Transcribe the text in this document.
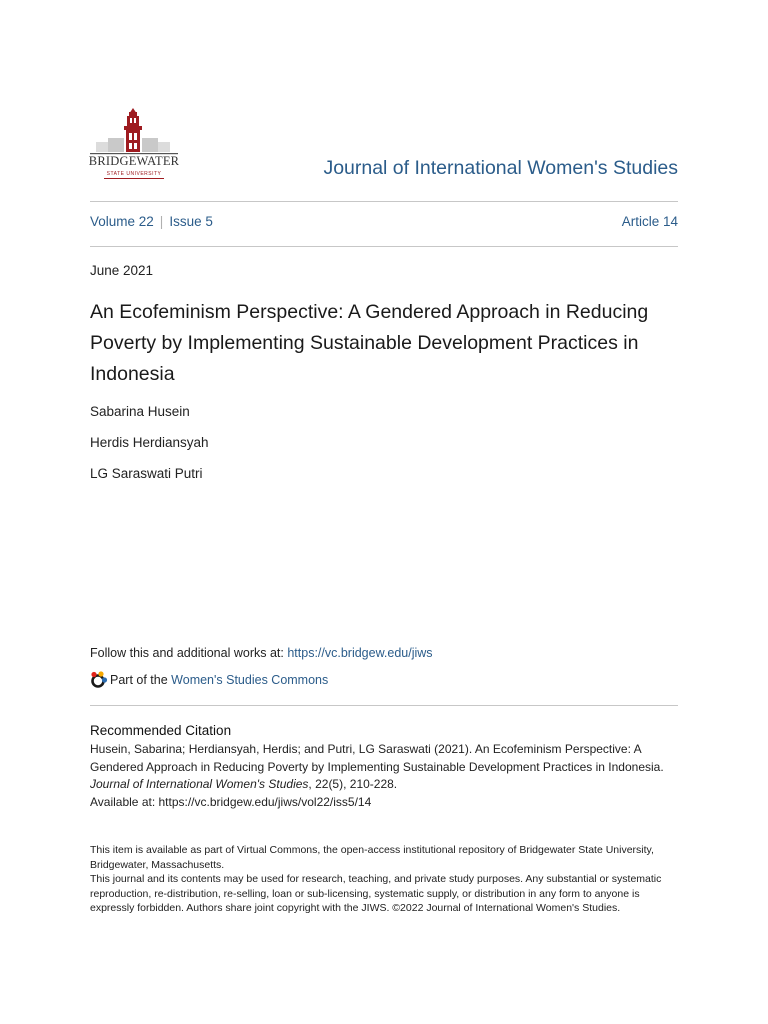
BRIDGEWATER
STATE UNIVERSITY	Journal of International Women's Studies
Volume 22 | Issue 5	Article 14
June 2021
An Ecofeminism Perspective: A Gendered Approach in Reducing Poverty by Implementing Sustainable Development Practices in Indonesia
Sabarina Husein
Herdis Herdiansyah
LG Saraswati Putri
Follow this and additional works at: https://vc.bridgew.edu/jiws
Part of the
Women's Studies Commons
Recommended Citation
Husein, Sabarina; Herdiansyah, Herdis; and Putri, LG Saraswati (2021). An Ecofeminism Perspective: A Gendered Approach in Reducing Poverty by Implementing Sustainable Development Practices in Indonesia. Journal of International Women's Studies, 22(5), 210-228.
Available at: https://vc.bridgew.edu/jiws/vol22/iss5/14
This item is available as part of Virtual Commons, the open-access institutional repository of Bridgewater State University, Bridgewater, Massachusetts.
This journal and its contents may be used for research, teaching, and private study purposes. Any substantial or systematic reproduction, re-distribution, re-selling, loan or sub-licensing, systematic supply, or distribution in any form to anyone is expressly forbidden. Authors share joint copyright with the JIWS. ©2022 Journal of International Women's Studies.
